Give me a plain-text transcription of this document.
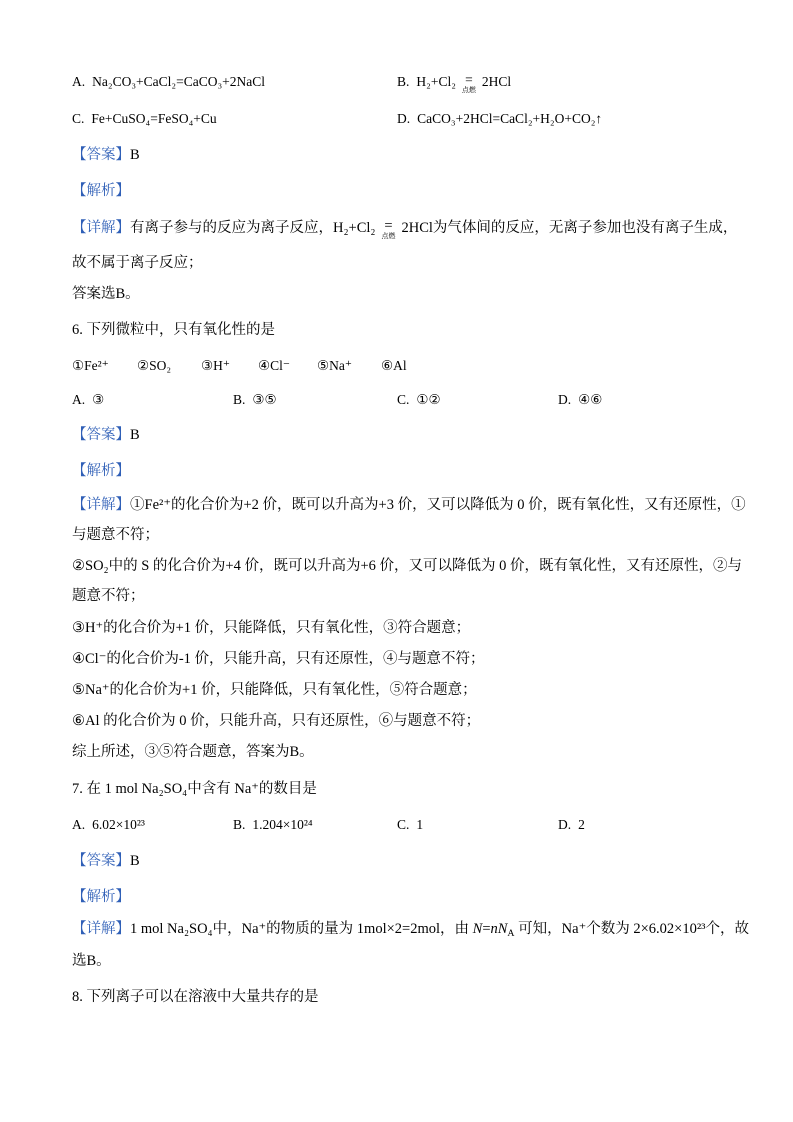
A. Na₂CO₃+CaCl₂=CaCO₃+2NaCl	B. H₂+Cl₂ =
点燃
2HCl
C. Fe+CuSO₄=FeSO₄+Cu	D. CaCO₃+2HCl=CaCl₂+H₂O+CO₂↑
【答案】B
【解析】
【详解】有离子参与的反应为离子反应，H₂+Cl₂ =
点燃 2HCl为气体间的反应，无离子参加也没有离子生成，
故不属于离子反应；
答案选B。
6. 下列微粒中，只有氧化性的是
①Fe²⁺ ②SO₂ ③H⁺ ④Cl⁻ ⑤Na⁺ ⑥Al
A. ③	B. ③⑤	C. ①②	D. ④⑥
【答案】B
【解析】
【详解】①Fe²⁺的化合价为+2 价，既可以升高为+3 价，又可以降低为 0 价，既有氧化性，又有还原性，①
与题意不符；
②SO₂中的 S 的化合价为+4 价，既可以升高为+6 价，又可以降低为 0 价，既有氧化性，又有还原性，②与
题意不符；
③H⁺的化合价为+1 价，只能降低，只有氧化性，③符合题意；
④Cl⁻的化合价为-1 价，只能升高，只有还原性，④与题意不符；
⑤Na⁺的化合价为+1 价，只能降低，只有氧化性，⑤符合题意；
⑥Al 的化合价为 0 价，只能升高，只有还原性，⑥与题意不符；
综上所述，③⑤符合题意，答案为B。
7. 在 1 mol Na₂SO₄中含有 Na⁺的数目是
A. 6.02×10²³	B. 1.204×10²⁴	C. 1	D. 2
【答案】B
【解析】
【详解】1 mol Na₂SO₄中，Na⁺的物质的量为 1mol×2=2mol，由 $N=nN_A$ 可知，Na⁺个数为 2×6.02×10²³个，故
选B。
8. 下列离子可以在溶液中大量共存的是
